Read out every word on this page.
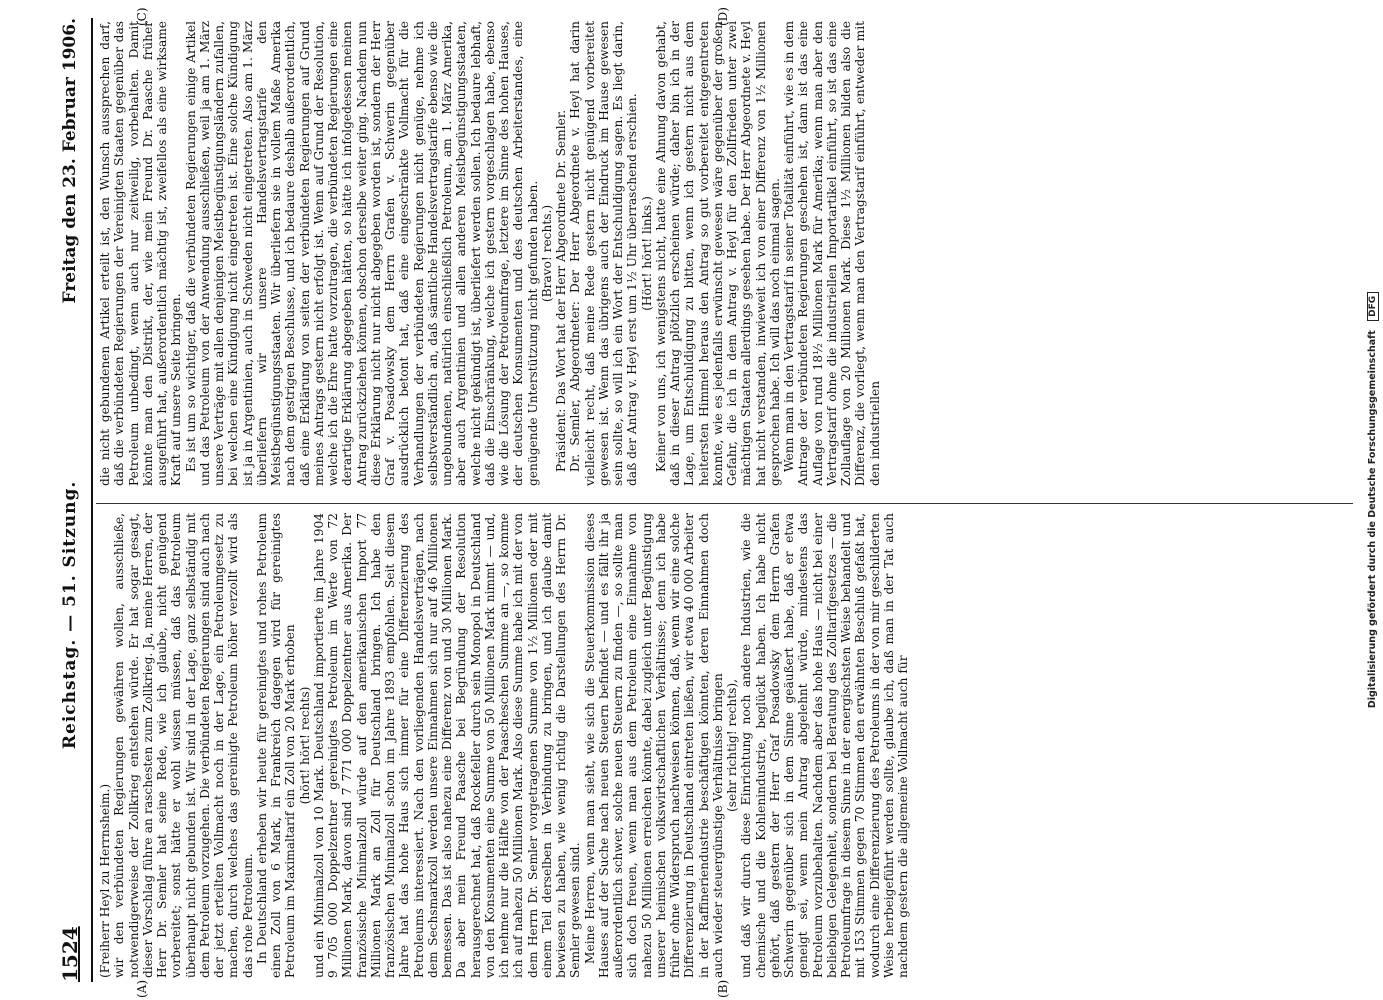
1524
Reichstag. — 51. Sitzung.
Freitag den 23. Februar 1906.
(A)	(B)
(C)	(D)

(Freiherr Heyl zu Herrnsheim.) wir den verbündeten Regierungen gewähren wollen, ausschließe, notwendigerweise der Zollkrieg entstehen würde. Er hat sogar gesagt, dieser Vorschlag führe an raschesten zum Zollkrieg. Ja, meine Herren, der Herr Dr. Semler hat seine Rede, wie ich glaube, nicht genügend vorbereitet; sonst hätte er wohl wissen müssen, daß das Petroleum überhaupt nicht gebunden ist. Wir sind in der Lage, ganz selbständig mit dem Petroleum vorzugehen. Die verbündeten Regierungen sind auch nach der jetzt erteilten Vollmacht noch in der Lage, ein Petroleumgesetz zu machen, durch welches das gereinigte Petroleum höher verzollt wird als das rohe Petroleum. In Deutschland erheben wir heute für gereinigtes und rohes Petroleum einen Zoll von 6 Mark, in Frankreich dagegen wird für gereinigtes Petroleum im Maximaltarif ein Zoll von 20 Mark erhoben (hört! hört! rechts) und ein Minimalzoll von 10 Mark. Deutschland importierte im Jahre 1904 9 705 000 Doppelzentner gereinigtes Petroleum im Werte von 72 Millionen Mark, davon sind 7 771 000 Doppelzentner aus Amerika. Der französische Minimalzoll würde auf den amerikanischen Import 77 Millionen Mark an Zoll für Deutschland bringen. Ich habe den französischen Minimalzoll schon im Jahre 1893 empfohlen. Seit diesem Jahre hat das hohe Haus sich immer für eine Differenzierung des Petroleums interessiert. Nach den vorliegenden Handelsverträgen, nach dem Sechsmarkzoll werden unsere Einnahmen sich nur auf 46 Millionen bemessen. Das ist also nahezu eine Differenz von und 30 Millionen Mark. Da aber mein Freund Paasche bei Begründung der Resolution herausgerechnet hat, daß Rockefeller durch sein Monopol in Deutschland von den Konsumenten eine Summe von 50 Millionen Mark nimmt — und, ich nehme nur die Hälfte von der Paascheschen Summe an —, so komme ich auf nahezu 50 Millionen Mark. Also diese Summe habe ich mit der von dem Herrn Dr. Semler vorgetragenen Summe von 1½ Millionen oder mit einem Teil derselben in Verbindung zu bringen, und ich glaube damit bewiesen zu haben, wie wenig richtig die Darstellungen des Herrn Dr. Semler gewesen sind. Meine Herren, wenn man sieht, wie sich die Steuerkommission dieses Hauses auf der Suche nach neuen Steuern befindet — und es fällt ihr ja außerordentlich schwer, solche neuen Steuern zu finden —, so sollte man sich doch freuen, wenn man aus dem Petroleum eine Einnahme von nahezu 50 Millionen erreichen könnte, dabei zugleich unter Begünstigung unserer heimischen volkswirtschaftlichen Verhältnisse; denn ich habe früher ohne Widerspruch nachweisen können, daß, wenn wir eine solche Differenzierung in Deutschland eintreten ließen, wir etwa 40 000 Arbeiter in der Raffineriendustrie beschäftigen könnten, deren Einnahmen doch auch wieder steuergünstige Verhältnisse bringen (sehr richtig! rechts), und daß wir durch diese Einrichtung noch andere Industrien, wie die chemische und die Kohlenindustrie, beglückt haben. Ich habe nicht gehört, daß gestern der Herr Graf Posadowsky dem Herrn Grafen Schwerin gegenüber sich in dem Sinne geäußert habe, daß er etwa geneigt sei, wenn mein Antrag abgelehnt würde, mindestens das Petroleum vorzubehalten. Nachdem aber das hohe Haus — nicht bei einer beliebigen Gelegenheit, sondern bei Beratung des Zolltarifgesetzes — die Petroleumfrage in diesem Sinne in der energischsten Weise behandelt und mit 153 Stimmen gegen 70 Stimmen den erwähnten Beschluß gefaßt hat, wodurch eine Differenzierung des Petroleums in der von mir geschilderten Weise herbeigeführt werden sollte, glaube ich, daß man in der Tat auch nachdem gestern die allgemeine Vollmacht auch für

die nicht gebundenen Artikel erteilt ist, den Wunsch aussprechen darf, daß die verbündeten Regierungen der Vereinigten Staaten gegenüber das Petroleum unbedingt, wenn auch nur zeitweilig, vorbehalten. Damit könnte man den Distrikt, der, wie mein Freund Dr. Paasche früher ausgeführt hat, außerordentlich mächtig ist, zweifellos als eine wirksame Kraft auf unsere Seite bringen. Es ist um so wichtiger, daß die verbündeten Regierungen einige Artikel und das Petroleum von der Anwendung ausschließen, weil ja am 1. März unsere Verträge mit allen denjenigen Meistbegünstigungsländern zufallen, bei welchen eine Kündigung nicht eingetreten ist. Eine solche Kündigung ist ja in Argentinien, auch in Schweden nicht eingetreten. Also am 1. März überliefern wir unsere Handelsvertragstarife den Meistbegünstigungsstaaten. Wir überliefern sie in vollem Maße Amerika nach dem gestrigen Beschlusse, und ich bedaure deshalb außerordentlich, daß eine Erklärung von seiten der verbündeten Regierungen auf Grund meines Antrags gestern nicht erfolgt ist. Wenn auf Grund der Resolution, welche ich die Ehre hatte vorzutragen, die verbündeten Regierungen eine derartige Erklärung abgegeben hätten, so hätte ich infolgedessen meinen Antrag zurückziehen können, obschon derselbe weiter ging. Nachdem nun diese Erklärung nicht nur nicht abgegeben worden ist, sondern der Herr Graf v. Posadowsky dem Herrn Grafen v. Schwerin gegenüber ausdrücklich betont hat, daß eine eingeschränkte Vollmacht für die Verhandlungen der verbündeten Regierungen nicht genüge, nehme ich selbstverständlich an, daß sämtliche Handelsvertragstarife ebenso wie die ungebundenen, natürlich einschließlich Petroleum, am 1. März Amerika, aber auch Argentinien und allen anderen Meistbegünstigungsstaaten, welche nicht gekündigt ist, überliefert werden sollen. Ich bedaure lebhaft, daß die Einschränkung, welche ich gestern vorgeschlagen habe, ebenso wie die Lösung der Petroleumfrage, letztere im Sinne des hohen Hauses, der deutschen Konsumenten und des deutschen Arbeiterstandes, eine genügende Unterstützung nicht gefunden haben. (Bravo! rechts.) Präsident: Das Wort hat der Herr Abgeordnete Dr. Semler. Dr. Semler, Abgeordneter: Der Herr Abgeordnete v. Heyl hat darin vielleicht recht, daß meine Rede gestern nicht genügend vorbereitet gewesen ist. Wenn das übrigens auch der Eindruck im Hause gewesen sein sollte, so will ich ein Wort der Entschuldigung sagen. Es liegt darin, daß der Antrag v. Heyl erst um 1½ Uhr überraschend erschien. (Hört! hört! links.) Keiner von uns, ich wenigstens nicht, hatte eine Ahnung davon gehabt, daß in dieser Antrag plötzlich erscheinen würde; daher bin ich in der Lage, um Entschuldigung zu bitten, wenn ich gestern nicht aus dem heitersten Himmel heraus den Antrag so gut vorbereitet entgegentreten konnte, wie es jedenfalls erwünscht gewesen wäre gegenüber der großen Gefahr, die ich in dem Antrag v. Heyl für den Zollfrieden unter zwei mächtigen Staaten allerdings gesehen habe. Der Herr Abgeordnete v. Heyl hat nicht verstanden, inwieweit ich von einer Differenz von 1½ Millionen gesprochen habe. Ich will das noch einmal sagen. Wenn man in den Vertragstarif in seiner Totalität einführt, wie es in dem Antrage der verbündeten Regierungen geschehen ist, dann ist das eine Auflage von rund 18½ Millionen Mark für Amerika; wenn man aber den Vertragstarif ohne die industriellen Importartikel einführt, so ist das eine Zollauflage von 20 Millionen Mark. Diese 1½ Millionen bilden also die Differenz, die vorliegt, wenn man den Vertragstarif einführt, entweder mit den industriellen	Digitalisierung gefördert durch die Deutsche Forschungsgemeinschaft DFG
